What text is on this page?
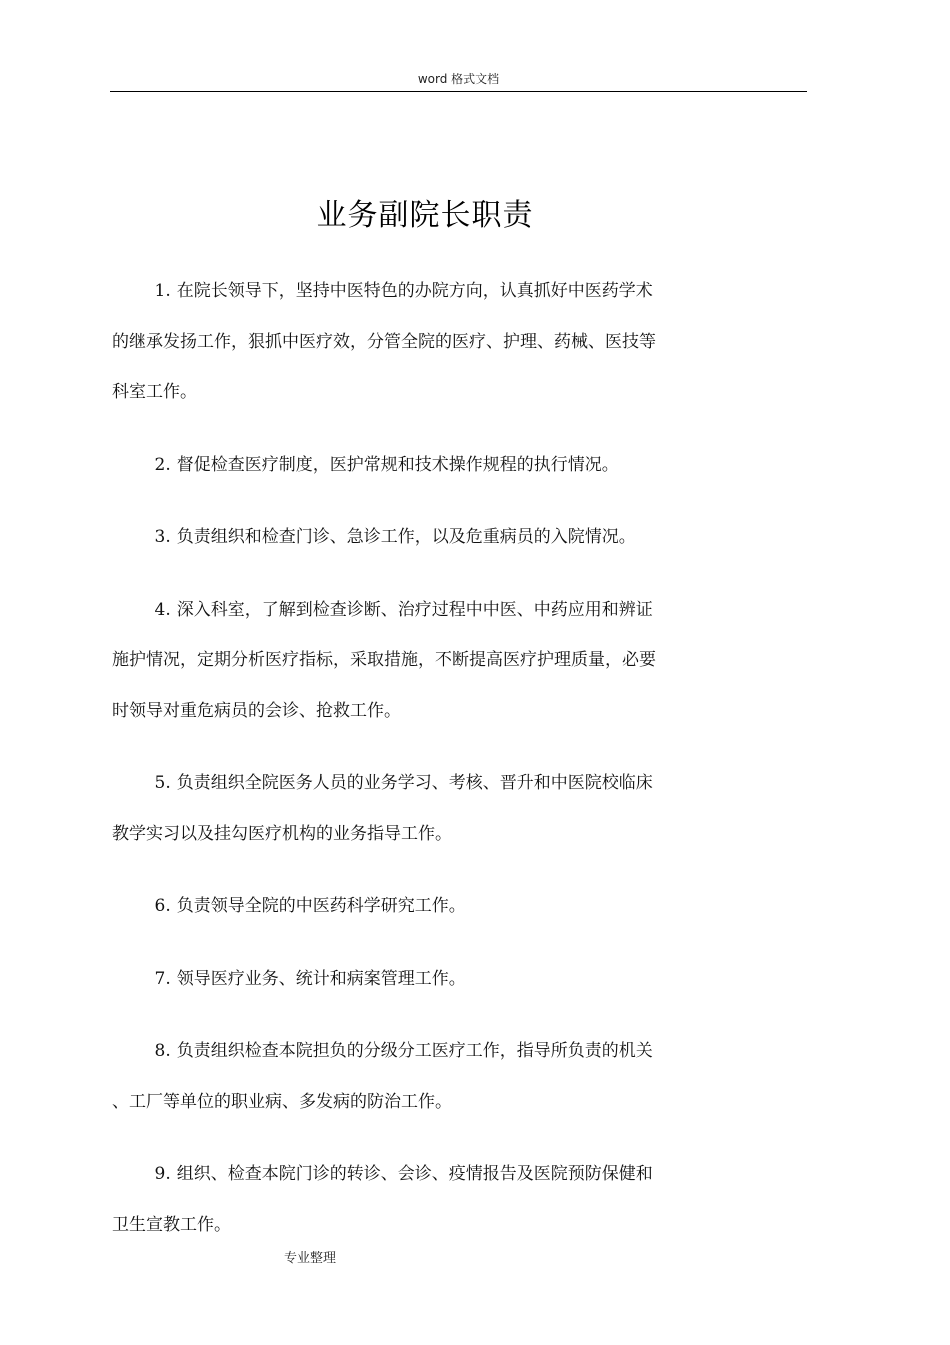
word 格式文档
业务副院长职责
1. 在院长领导下，坚持中医特色的办院方向，认真抓好中医药学术
的继承发扬工作，狠抓中医疗效，分管全院的医疗、护理、药械、医技等
科室工作。
2. 督促检查医疗制度，医护常规和技术操作规程的执行情况。
3. 负责组织和检查门诊、急诊工作，以及危重病员的入院情况。
4. 深入科室，了解到检查诊断、治疗过程中中医、中药应用和辨证
施护情况，定期分析医疗指标，采取措施，不断提高医疗护理质量，必要
时领导对重危病员的会诊、抢救工作。
5. 负责组织全院医务人员的业务学习、考核、晋升和中医院校临床
教学实习以及挂勾医疗机构的业务指导工作。
6. 负责领导全院的中医药科学研究工作。
7. 领导医疗业务、统计和病案管理工作。
8. 负责组织检查本院担负的分级分工医疗工作，指导所负责的机关
、工厂等单位的职业病、多发病的防治工作。
9. 组织、检查本院门诊的转诊、会诊、疫情报告及医院预防保健和
卫生宣教工作。
专业整理
